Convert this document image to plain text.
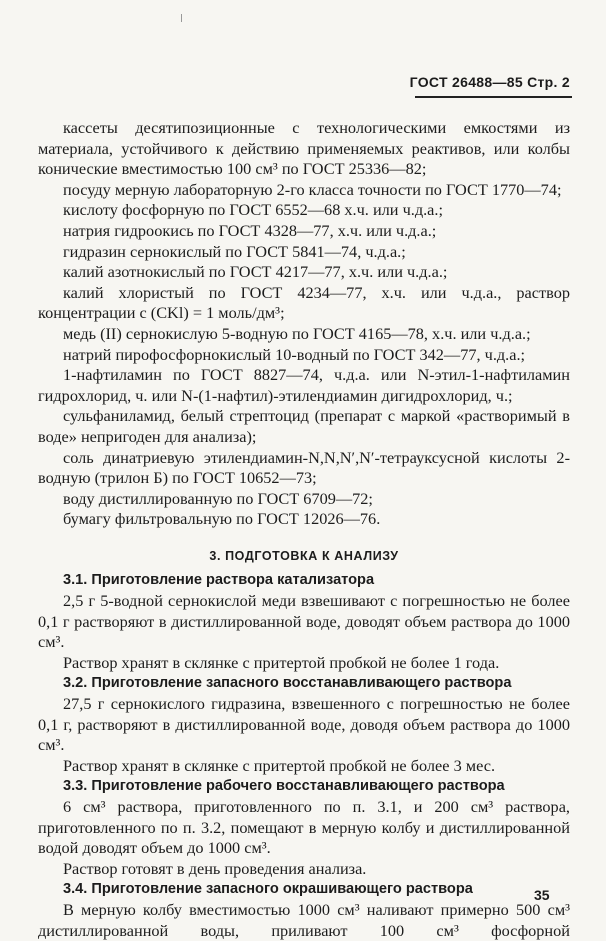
ГОСТ 26488—85 Стр. 2

кассеты десятипозиционные с технологическими емкостями из материала, устойчивого к действию применяемых реактивов, или колбы конические вместимостью 100 см³ по ГОСТ 25336—82;

посуду мерную лабораторную 2-го класса точности по ГОСТ 1770—74;

кислоту фосфорную по ГОСТ 6552—68 х.ч. или ч.д.а.;

натрия гидроокись по ГОСТ 4328—77, х.ч. или ч.д.а.;

гидразин сернокислый по ГОСТ 5841—74, ч.д.а.;

калий азотнокислый по ГОСТ 4217—77, х.ч. или ч.д.а.;

калий хлористый по ГОСТ 4234—77, х.ч. или ч.д.а., раствор концентрации с (CKl) = 1 моль/дм³;

медь (II) сернокислую 5-водную по ГОСТ 4165—78, х.ч. или ч.д.а.;

натрий пирофосфорнокислый 10-водный по ГОСТ 342—77, ч.д.а.;

1-нафтиламин по ГОСТ 8827—74, ч.д.а. или N-этил-1-нафтиламин гидрохлорид, ч. или N-(1-нафтил)-этилендиамин дигидрохлорид, ч.;

сульфаниламид, белый стрептоцид (препарат с маркой «растворимый в воде» непригоден для анализа);

соль динатриевую этилендиамин-N,N,N′,N′-тетрауксусной кислоты 2-водную (трилон Б) по ГОСТ 10652—73;

воду дистиллированную по ГОСТ 6709—72;

бумагу фильтровальную по ГОСТ 12026—76.

3. ПОДГОТОВКА К АНАЛИЗУ

3.1. Приготовление раствора катализатора

2,5 г 5-водной сернокислой меди взвешивают с погрешностью не более 0,1 г растворяют в дистиллированной воде, доводят объем раствора до 1000 см³.

Раствор хранят в склянке с притертой пробкой не более 1 года.

3.2. Приготовление запасного восстанавливающего раствора

27,5 г сернокислого гидразина, взвешенного с погрешностью не более 0,1 г, растворяют в дистиллированной воде, доводя объем раствора до 1000 см³.

Раствор хранят в склянке с притертой пробкой не более 3 мес.

3.3. Приготовление рабочего восстанавливающего раствора

6 см³ раствора, приготовленного по п. 3.1, и 200 см³ раствора, приготовленного по п. 3.2, помещают в мерную колбу и дистиллированной водой доводят объем до 1000 см³.

Раствор готовят в день проведения анализа.

3.4. Приготовление запасного окрашивающего раствора

В мерную колбу вместимостью 1000 см³ наливают примерно 500 см³ дистиллированной воды, приливают 100 см³ фосфорной

35
